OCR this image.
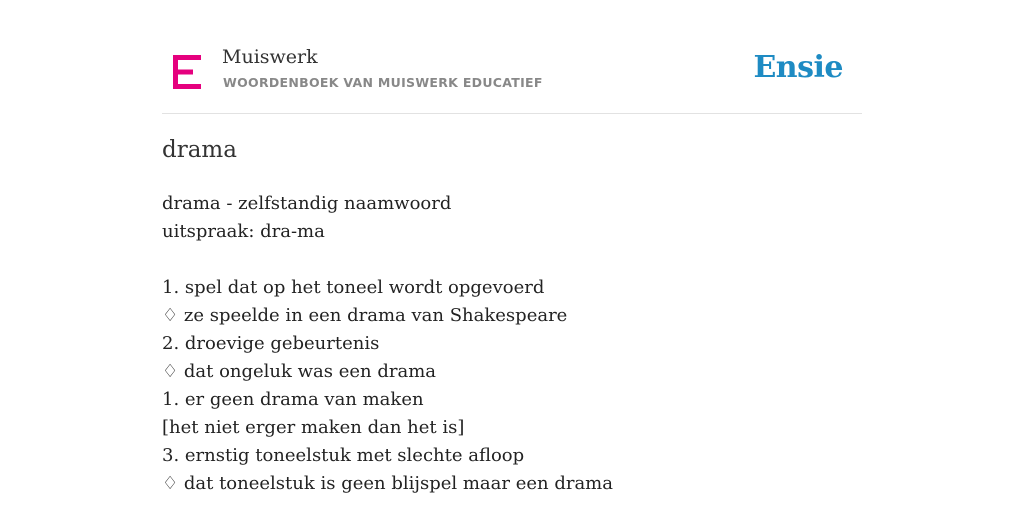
Muiswerk
WOORDENBOEK VAN MUISWERK EDUCATIEF	Ensie
drama
drama - zelfstandig naamwoord
uitspraak: dra-ma
1. spel dat op het toneel wordt opgevoerd
♢ ze speelde in een drama van Shakespeare
2. droevige gebeurtenis
♢ dat ongeluk was een drama
1. er geen drama van maken
[het niet erger maken dan het is]
3. ernstig toneelstuk met slechte afloop
♢ dat toneelstuk is geen blijspel maar een drama
